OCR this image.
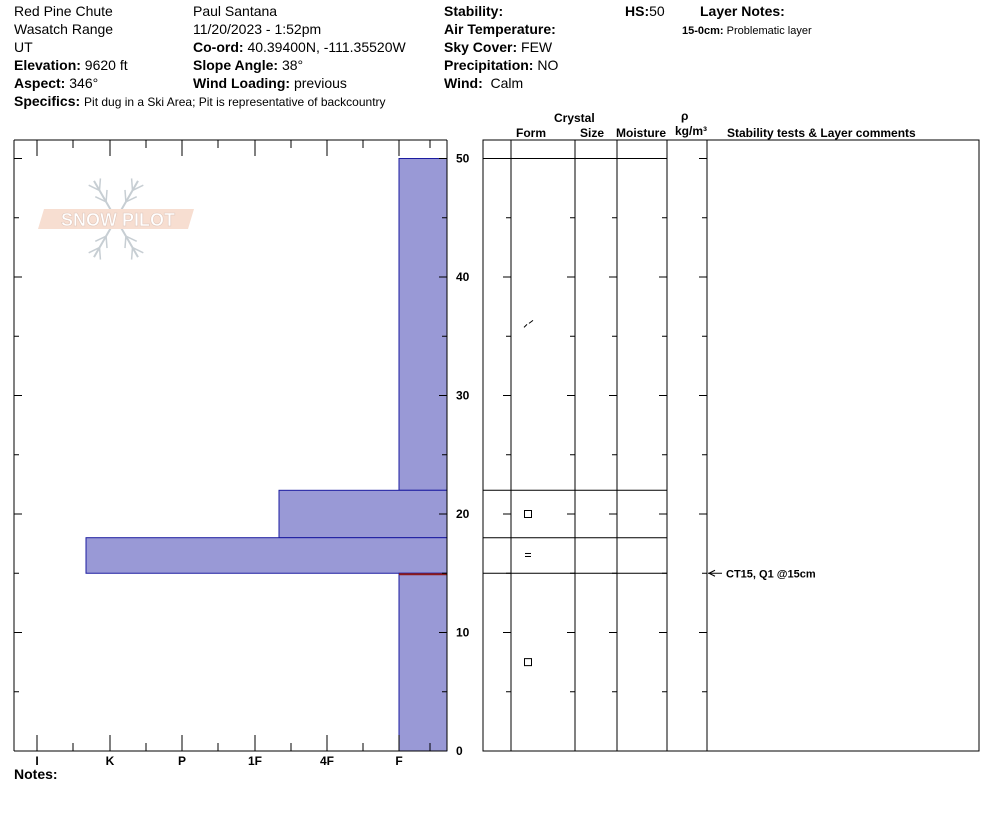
Red Pine Chute
Wasatch Range
UT
Elevation: 9620 ft
Aspect: 346°
Specifics: Pit dug in a Ski Area; Pit is representative of backcountry
Paul Santana
11/20/2023 - 1:52pm
Co-ord: 40.39400N, -111.35520W
Slope Angle: 38°
Wind Loading: previous
Stability:
Air Temperature:
Sky Cover: FEW
Precipitation: NO
Wind: Calm
HS:50	Layer Notes:
15-0cm: Problematic layer
Crystal
Form	Size Moisture
ρ
kg/m³ Stability tests & Layer comments
Notes:
SNOW PILOT
I	K	P	1F	4F	F
0
10
20
30
40
50
CT15, Q1 @15cm
